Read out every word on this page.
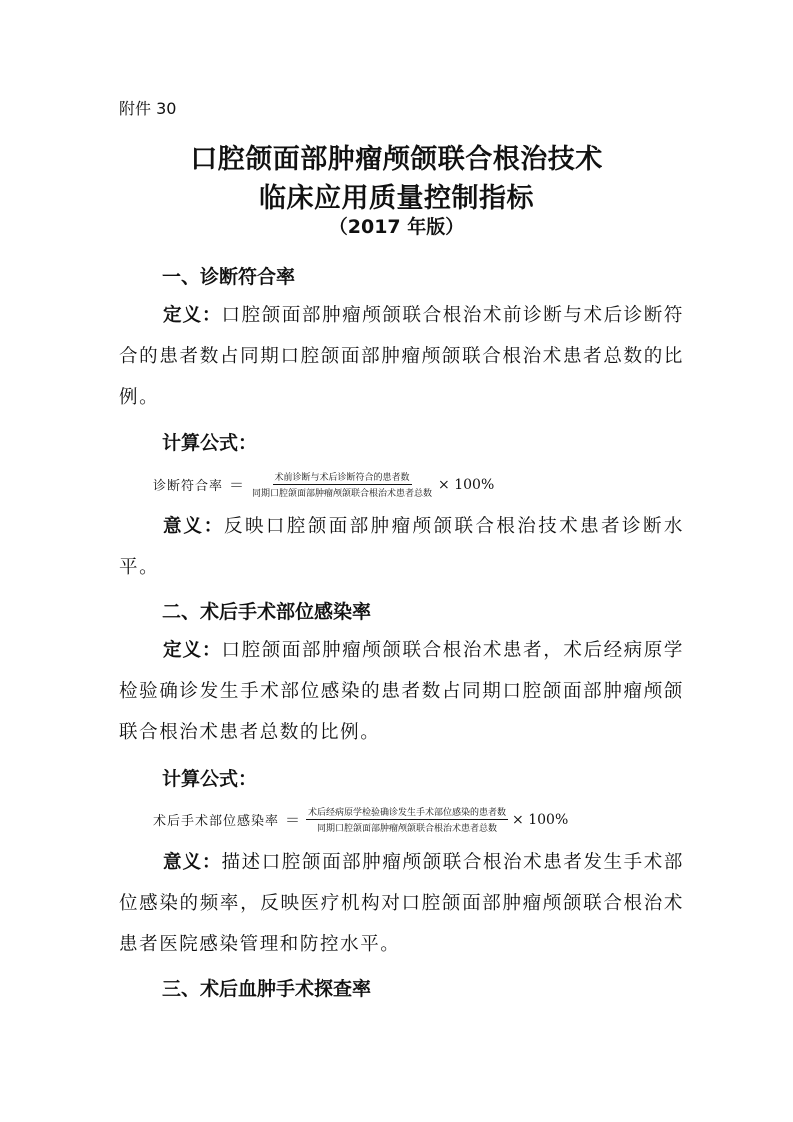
附件 30
口腔颌面部肿瘤颅颌联合根治技术
临床应用质量控制指标
（2017 年版）
一、诊断符合率
定义：口腔颌面部肿瘤颅颌联合根治术前诊断与术后诊断符合的患者数占同期口腔颌面部肿瘤颅颌联合根治术患者总数的比例。
计算公式：
诊断符合率 ＝ $\frac{\text{术前诊断与术后诊断符合的患者数}}{\text{同期口腔颌面部肿瘤颅颌联合根治术患者总数}} \times 100\%$
意义：反映口腔颌面部肿瘤颅颌联合根治技术患者诊断水平。
二、术后手术部位感染率
定义：口腔颌面部肿瘤颅颌联合根治术患者，术后经病原学检验确诊发生手术部位感染的患者数占同期口腔颌面部肿瘤颅颌联合根治术患者总数的比例。
计算公式：
术后手术部位感染率 ＝ $\frac{\text{术后经病原学检验确诊发生手术部位感染的患者数}}{\text{同期口腔颌面部肿瘤颅颌联合根治术患者总数}} \times 100\%$
意义：描述口腔颌面部肿瘤颅颌联合根治术患者发生手术部位感染的频率，反映医疗机构对口腔颌面部肿瘤颅颌联合根治术患者医院感染管理和防控水平。
三、术后血肿手术探查率
